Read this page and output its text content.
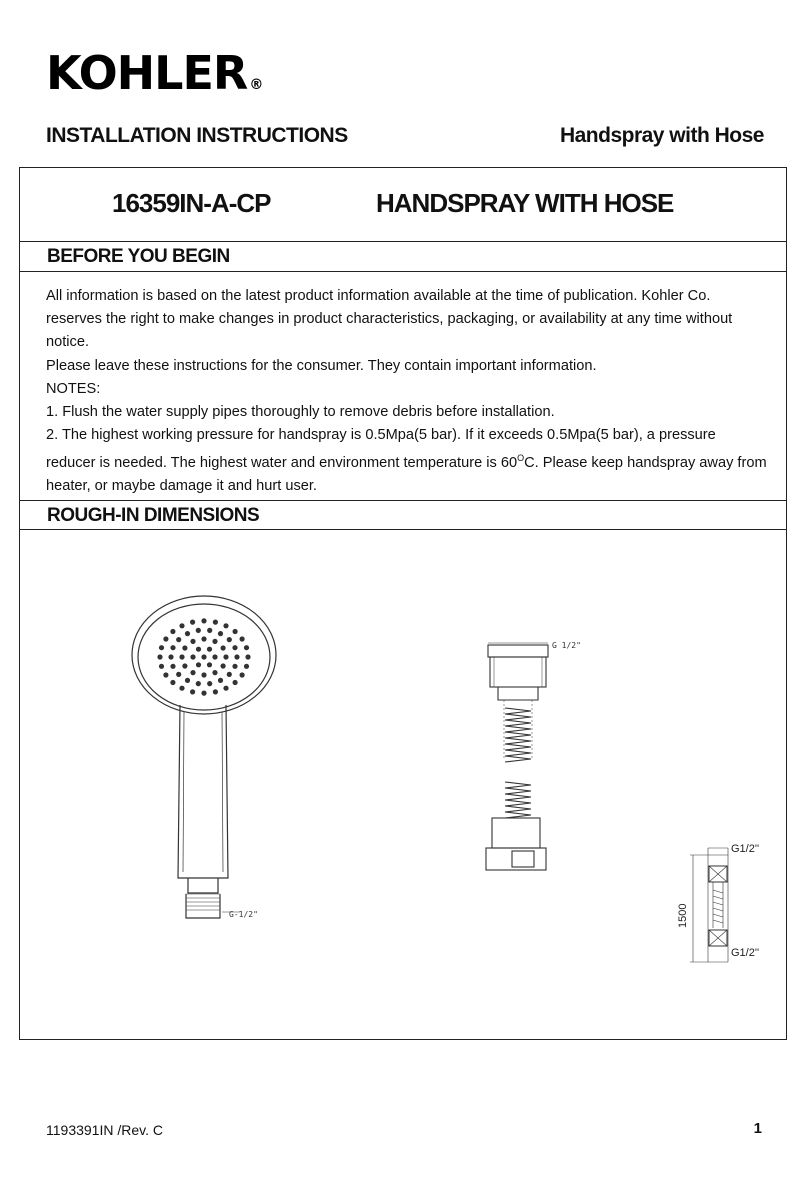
KOHLER ®
INSTALLATION INSTRUCTIONS	Handspray with Hose
16359IN-A-CP	HANDSPRAY WITH HOSE
BEFORE YOU BEGIN
ROUGH-IN DIMENSIONS

All information is based on the latest product information available at the time of publication. Kohler Co. reserves the right to make changes in product characteristics, packaging, or availability at any time without notice.

Please leave these instructions for the consumer. They contain important information.

NOTES:

1. Flush the water supply pipes thoroughly to remove debris before installation.

2. The highest working pressure for handspray is 0.5Mpa(5 bar). If it exceeds 0.5Mpa(5 bar), a pressure reducer is needed. The highest water and environment temperature is $60^OC$. Please keep handspray away from heater, or maybe damage it and hurt user.

G-1/2"
G 1/2"
G1/2''
G1/2''
1500
1193391IN /Rev. C	1
